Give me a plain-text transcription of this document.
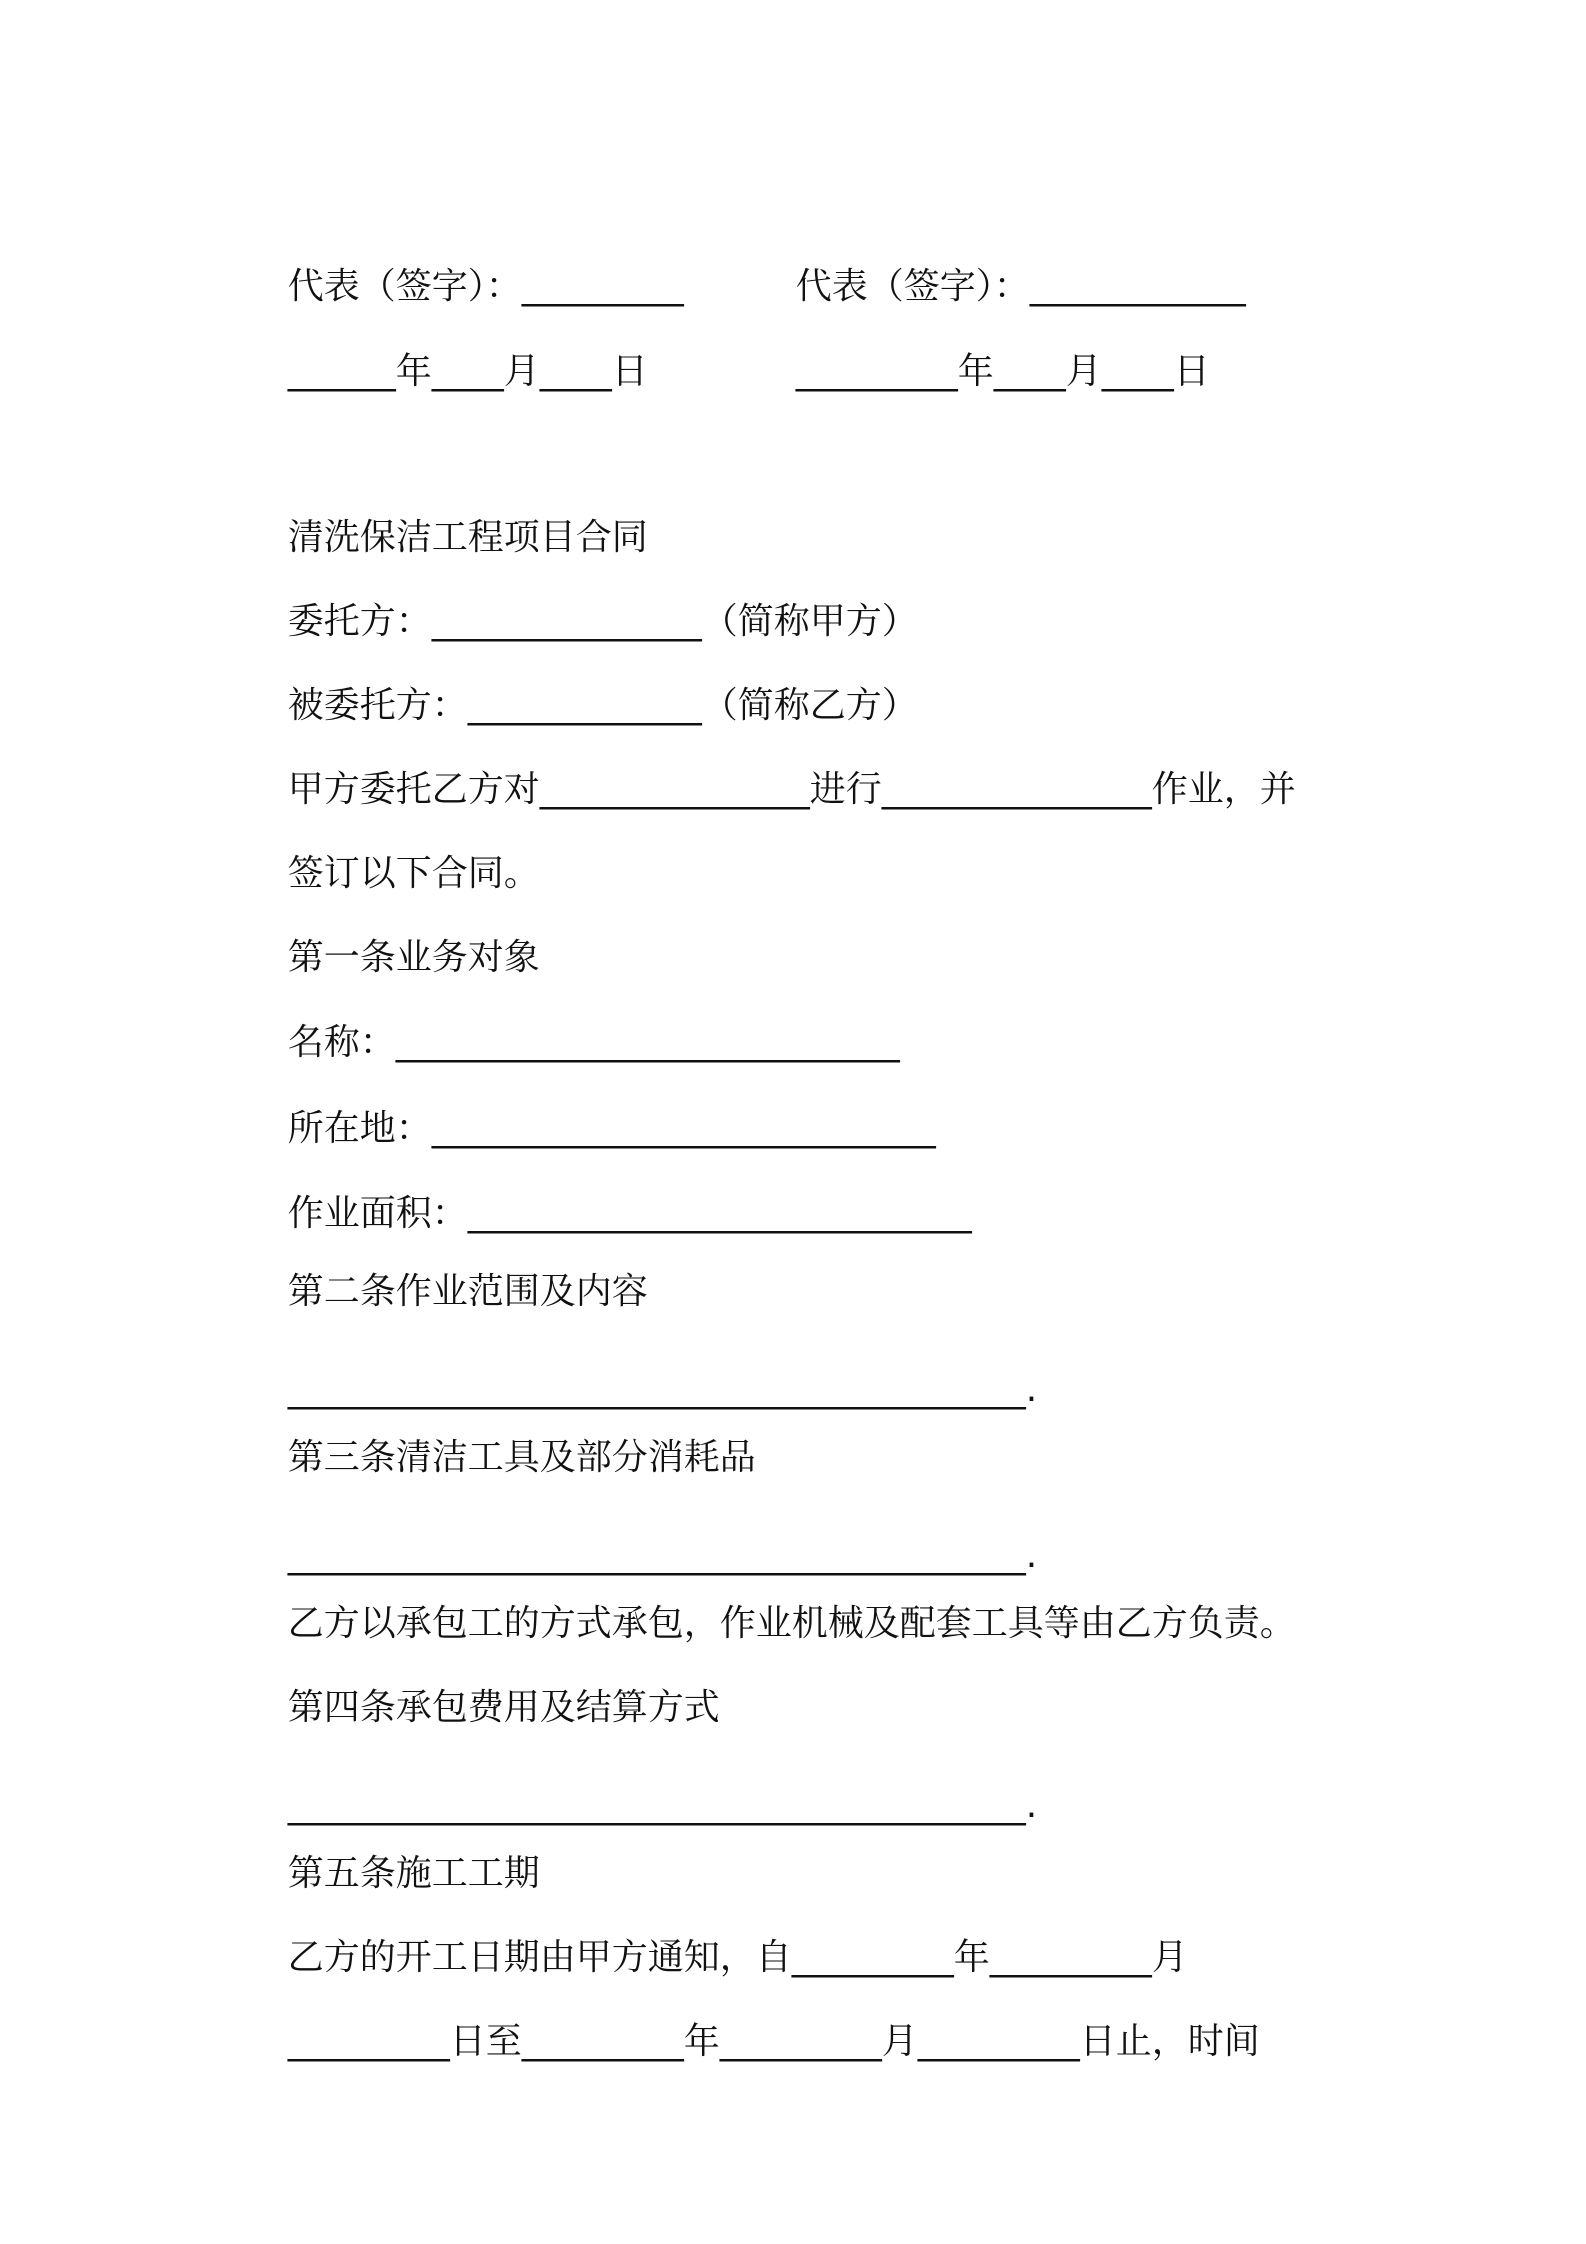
代表（签字）：_________
	代表（签字）：____________

______年____月____日
	_________年____月____日

清洗保洁工程项目合同

委托方：_______________（简称甲方）

被委托方：_____________（简称乙方）

甲方委托乙方对_______________进行_______________作业，并

签订以下合同。

第一条业务对象

名称：____________________________

所在地：____________________________

作业面积：____________________________

第二条作业范围及内容

_________________________________________.

第三条清洁工具及部分消耗品

_________________________________________.

乙方以承包工的方式承包，作业机械及配套工具等由乙方负责。

第四条承包费用及结算方式

_________________________________________.

第五条施工工期

乙方的开工日期由甲方通知，自_________年_________月

_________日至_________年_________月_________日止，时间
